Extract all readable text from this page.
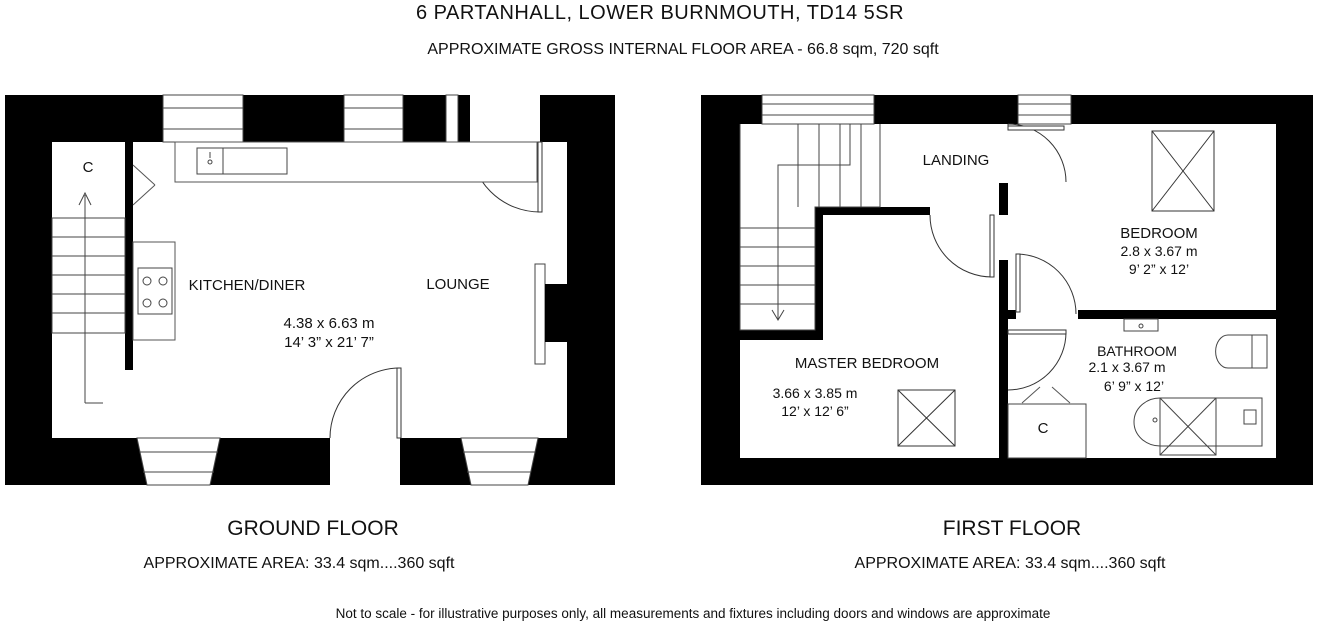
6 PARTANHALL, LOWER BURNMOUTH, TD14 5SR
APPROXIMATE GROSS INTERNAL FLOOR AREA - 66.8 sqm, 720 sqft
C
KITCHEN/DINER	LOUNGE
4.38 x 6.63 m
14’ 3” x 21’ 7”
LANDING
BEDROOM
2.8 x 3.67 m
9’ 2” x 12’
MASTER BEDROOM
3.66 x 3.85 m
12’ x 12’ 6”
BATHROOM
2.1 x 3.67 m
6’ 9” x 12’
C
GROUND FLOOR
APPROXIMATE AREA: 33.4 sqm....360 sqft
FIRST FLOOR
APPROXIMATE AREA: 33.4 sqm....360 sqft
Not to scale - for illustrative purposes only, all measurements and fixtures including doors and windows are approximate
